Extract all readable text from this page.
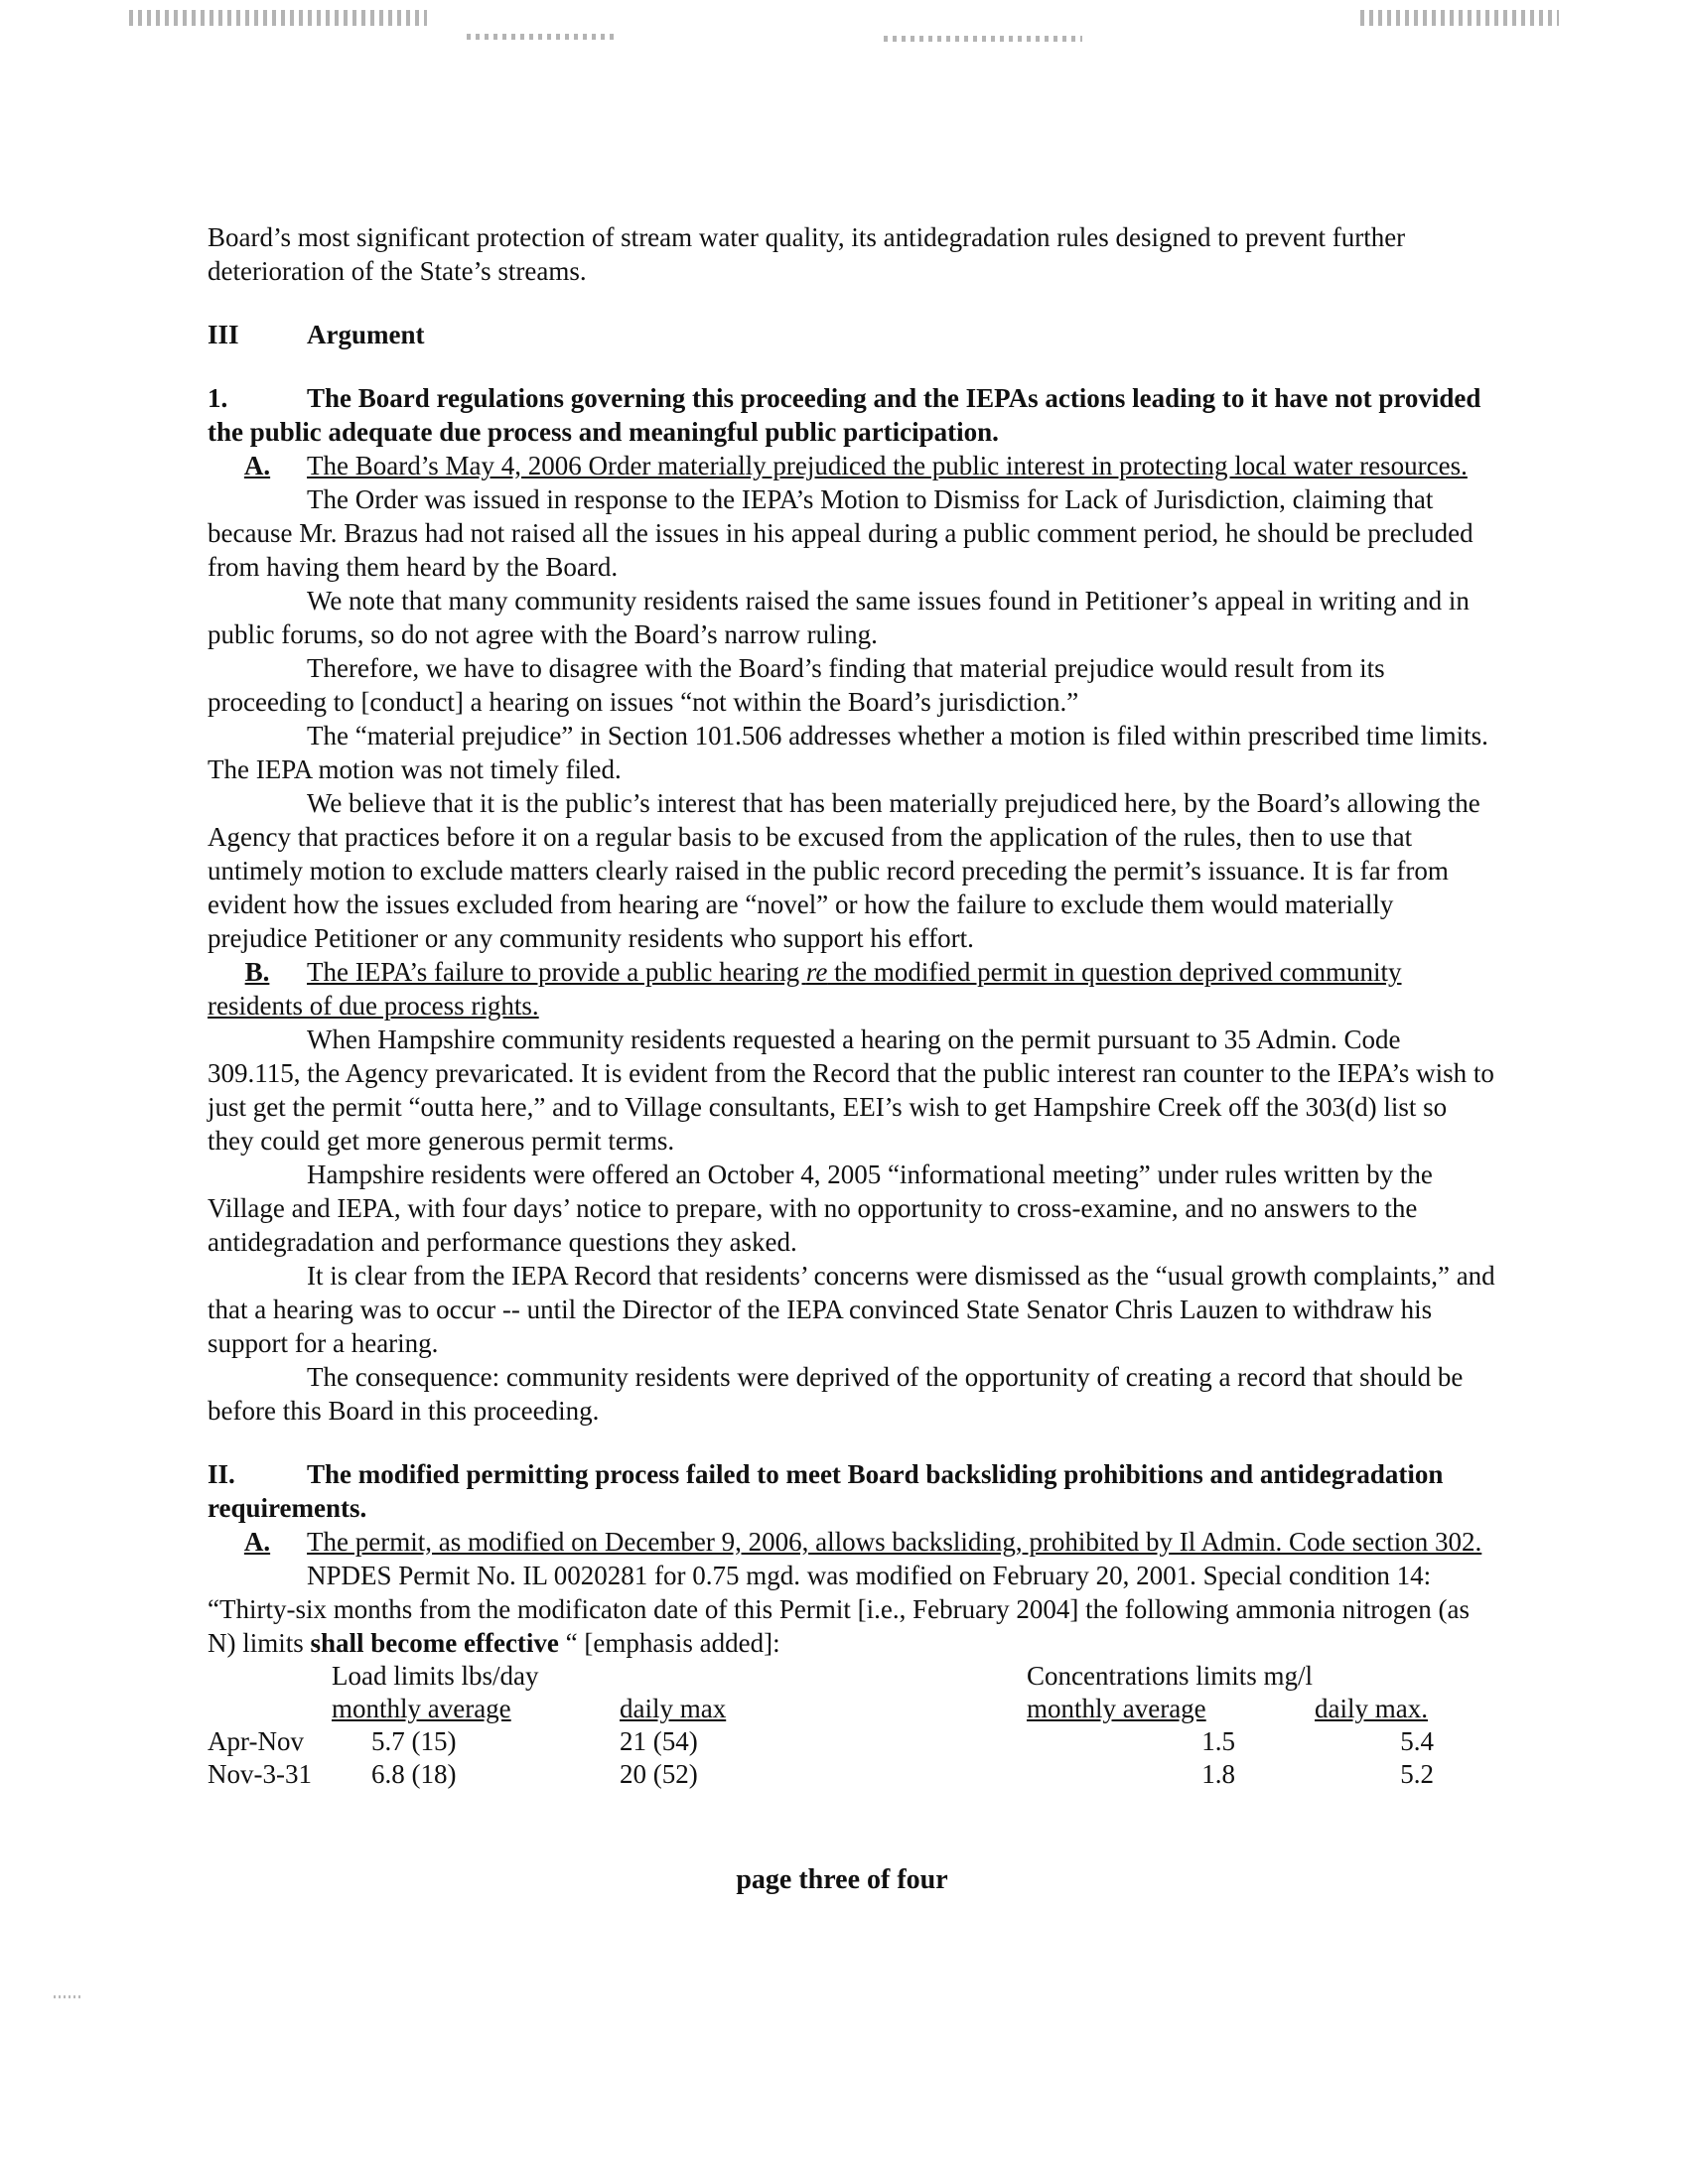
Board’s most significant protection of stream water quality, its antidegradation rules designed to prevent further deterioration of the State’s streams.

III	Argument

1.	The Board regulations governing this proceeding and the IEPAs actions leading to it have not provided the public adequate due process and meaningful public participation.

A. The Board’s May 4, 2006 Order materially prejudiced the public interest in protecting local water resources.

The Order was issued in response to the IEPA’s Motion to Dismiss for Lack of Jurisdiction, claiming that because Mr. Brazus had not raised all the issues in his appeal during a public comment period, he should be precluded from having them heard by the Board.

We note that many community residents raised the same issues found in Petitioner’s appeal in writing and in public forums, so do not agree with the Board’s narrow ruling.

Therefore, we have to disagree with the Board’s finding that material prejudice would result from its proceeding to [conduct] a hearing on issues “not within the Board’s jurisdiction.”

The “material prejudice” in Section 101.506 addresses whether a motion is filed within prescribed time limits. The IEPA motion was not timely filed.

We believe that it is the public’s interest that has been materially prejudiced here, by the Board’s allowing the Agency that practices before it on a regular basis to be excused from the application of the rules, then to use that untimely motion to exclude matters clearly raised in the public record preceding the permit’s issuance. It is far from evident how the issues excluded from hearing are “novel” or how the failure to exclude them would materially prejudice Petitioner or any community residents who support his effort.

B. The IEPA’s failure to provide a public hearing re the modified permit in question deprived community residents of due process rights.

When Hampshire community residents requested a hearing on the permit pursuant to 35 Admin. Code 309.115, the Agency prevaricated. It is evident from the Record that the public interest ran counter to the IEPA’s wish to just get the permit “outta here,” and to Village consultants, EEI’s wish to get Hampshire Creek off the 303(d) list so they could get more generous permit terms.

Hampshire residents were offered an October 4, 2005 “informational meeting” under rules written by the Village and IEPA, with four days’ notice to prepare, with no opportunity to cross-examine, and no answers to the antidegradation and performance questions they asked.

It is clear from the IEPA Record that residents’ concerns were dismissed as the “usual growth complaints,” and that a hearing was to occur -- until the Director of the IEPA convinced State Senator Chris Lauzen to withdraw his support for a hearing.

The consequence: community residents were deprived of the opportunity of creating a record that should be before this Board in this proceeding.

II.	The modified permitting process failed to meet Board backsliding prohibitions and antidegradation requirements.

A. The permit, as modified on December 9, 2006, allows backsliding, prohibited by Il Admin. Code section 302.

NPDES Permit No. IL 0020281 for 0.75 mgd. was modified on February 20, 2001. Special condition 14: “Thirty-six months from the modificaton date of this Permit [i.e., February 2004] the following ammonia nitrogen (as N) limits shall become effective “ [emphasis added]:

	Load limits lbs/day			Concentrations limits mg/l	
	monthly average	daily max		monthly average	daily max.
Apr-Nov	5.7 (15)	21 (54)		1.5	5.4
Nov-3-31	6.8 (18)	20 (52)		1.8	5.2
page three of four
